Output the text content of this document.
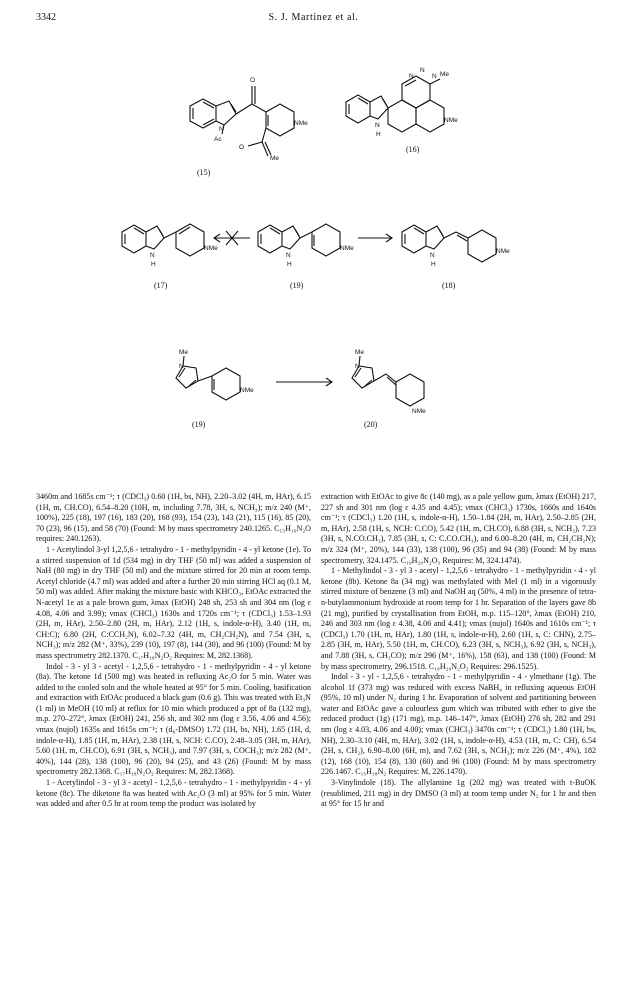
3342	S. J. Martinez et al.
O
N
Ac
NMe
O
Me
(15)
N
N
N Me
N
H
NMe
(16)
N
H
NMe
(17)
N
H
NMe
(19)
N
H
NMe
(18)
Me
N
NMe
(19)
Me
N
NMe
(20)

3460m and 1685s cm⁻¹; τ (CDCl₃) 0.60 (1H, bs, NH), 2.20–3.02 (4H, m, HAr), 6.15 (1H, m, CH.CO), 6.54–8.20 (10H, m, including 7.78, 3H, s, NCH₃); m/z 240 (M⁺, 100%), 225 (18), 197 (16), 183 (20), 168 (93), 154 (23), 143 (21), 115 (16), 85 (20), 70 (23), 96 (15), and 58 (70) (Found: M by mass spectrometry 240.1265. C₁₅H₁₆N₂O requires: 240.1263).

1 - Acetylindol 3-yl 1,2,5,6 - tetrahydro - 1 - methylpyridin - 4 - yl ketone (1e). To a stirred suspension of 1d (534 mg) in dry THF (50 ml) was added a suspension of NaH (80 mg) in dry THF (50 ml) and the mixture stirred for 20 min at room temp. Acetyl chloride (4.7 ml) was added and after a further 20 min stirring HCl aq (0.1 M, 50 ml) was added. After making the mixture basic with KHCO₃, EtOAc extracted the N-acetyl 1e as a pale brown gum, λmax (EtOH) 248 sh, 253 sh and 304 nm (log ε 4.08, 4.06 and 3.99); νmax (CHCl₃) 1630s and 1720s cm⁻¹; τ (CDCl₃) 1.53–1.93 (2H, m, HAr), 2.50–2.80 (2H, m, HAr), 2.12 (1H, s, indole-α-H), 3.40 (1H, m, CH:C); 6.80 (2H, C:CCH₂N), 6.02–7.32 (4H, m, CH₂CH₂N), and 7.54 (3H, s, NCH₃); m/z 282 (M⁺, 33%), 239 (10), 197 (8), 144 (30), and 96 (100) (Found: M by mass spectrometry 282.1370. C₁₇H₁₈N₂O₂ Requires: M, 282.1368).

Indol - 3 - yl 3 - acetyl - 1,2,5,6 - tetrahydro - 1 - methylpyridin - 4 - yl ketone (8a). The ketone 1d (500 mg) was heated in refluxing Ac₂O for 5 min. Water was added to the cooled soln and the whole heated at 95° for 5 min. Cooling, basification and extraction with EtOAc produced a black gum (0.6 g). This was treated with Et₃N (1 ml) in MeOH (10 ml) at reflux for 10 min which produced a ppt of 8a (132 mg), m.p. 270–272°, λmax (EtOH) 241, 256 sh, and 302 nm (log ε 3.56, 4.06 and 4.56); νmax (nujol) 1635s and 1615s cm⁻¹; τ (d₆-DMSO) 1.72 (1H, bs, NH), 1.65 (1H, d, indole-α-H), 1.85 (1H, m, HAr), 2.38 (1H, s, NCH: C.CO), 2.48–3.05 (3H, m, HAr), 5.60 (1H, m, CH.CO), 6.91 (3H, s, NCH₃), and 7.97 (3H, s, COCH₃); m/z 282 (M⁺, 40%), 144 (28), 138 (100), 96 (20), 94 (25), and 43 (26) (Found: M by mass spectrometry 282.1368. C₁₇H₁₈N₂O₂ Requires: M, 282.1368).

1 - Acetylindol - 3 - yl 3 - acetyl - 1,2,5,6 - tetrahydro - 1 - methylpyridin - 4 - yl ketone (8c). The diketone 8a was heated with Ac₂O (3 ml) at 95% for 5 min. Water was added and after 0.5 hr at room temp the product was isolated by

extraction with EtOAc to give 8c (140 mg), as a pale yellow gum, λmax (EtOH) 217, 227 sh and 301 nm (log ε 4.35 and 4.45); νmax (CHCl₃) 1730s, 1660s and 1640s cm⁻¹; τ (CDCl₃) 1.20 (1H, s, indole-α-H), 1.50–1.84 (2H, m, HAr), 2.50–2.85 (2H, m, HAr), 2.58 (1H, s, NCH: C.CO), 5.42 (1H, m, CH.CO), 6.88 (3H, s, NCH₃), 7.23 (3H, s, N.CO.CH₃), 7.85 (3H, s, C: C.CO.CH₃), and 6.00–8.20 (4H, m, CH₂CH₂N); m/z 324 (M⁺, 20%), 144 (33), 138 (100), 96 (35) and 94 (38) (Found: M by mass spectrometry, 324.1475. C₁₉H₂₀N₂O₃ Requires: M, 324.1474).

1 - Methylindol - 3 - yl 3 - acetyl - 1,2,5,6 - tetrahydro - 1 - methylpyridin - 4 - yl ketone (8b). Ketone 8a (34 mg) was methylated with MeI (1 ml) in a vigorously stirred mixture of benzene (3 ml) and NaOH aq (50%, 4 ml) in the presence of tetra-n-butylammonium hydroxide at room temp for 1 hr. Separation of the layers gave 8b (21 mg), purified by crystallisation from EtOH, m.p. 115–120°, λmax (EtOH) 210, 246 and 303 nm (log ε 4.38, 4.06 and 4.41); νmax (nujol) 1640s and 1610s cm⁻¹; τ (CDCl₃) 1.70 (1H, m, HAr), 1.80 (1H, s, indole-α-H), 2.60 (1H, s, C: CHN), 2.75–2.85 (3H, m, HAr), 5.50 (1H, m, CH.CO), 6.23 (3H, s, NCH₃), 6.92 (3H, s, NCH₃), and 7.88 (3H, s, CH₃CO); m/z 296 (M⁺, 16%), 158 (63), and 138 (100) (Found: M by mass spectrometry, 296.1518. C₁₈H₂₀N₂O₂ Requires: 296.1525).

Indol - 3 - yl - 1,2,5,6 - tetrahydro - 1 - methylpyridin - 4 - ylmethane (1g). The alcohol 1f (373 mg) was reduced with excess NaBH₄ in refluxing aqueous EtOH (95%, 10 ml) under N₂ during 1 hr. Evaporation of solvent and partitioning between water and EtOAc gave a colourless gum which was tributed with ether to give the reduced product (1g) (171 mg), m.p. 146–147°, λmax (EtOH) 276 sh, 282 and 291 nm (log ε 4.03, 4.06 and 4.00); νmax (CHCl₃) 3470s cm⁻¹; τ (CDCl₃) 1.80 (1H, bs, NH), 2.30–3.10 (4H, m, HAr), 3.02 (1H, s, indole-α-H), 4.53 (1H, m, C: CH), 6.54 (2H, s, CH₂), 6.90–8.00 (6H, m), and 7.62 (3H, s, NCH₃); m/z 226 (M⁺, 4%), 182 (12), 168 (10), 154 (8), 130 (60) and 96 (100) (Found: M by mass spectrometry 226.1467. C₁₅H₁₈N₂ Requires: M, 226.1470).

3-Vinylindole (18). The allylamine 1g (202 mg) was treated with t-BuOK (resublimed, 211 mg) in dry DMSO (3 ml) at room temp under N₂ for 1 hr and then at 95° for 15 hr and
